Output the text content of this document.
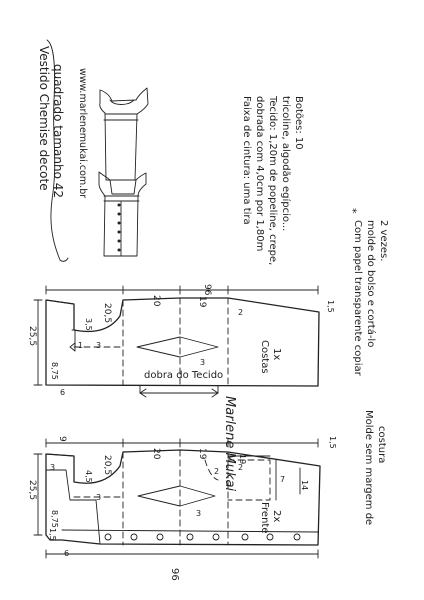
Vestido Chemise decote quadrado tamanho 42 www.marlenemukai.com.br	Faixa de cintura: uma tira dobrada com 4,0cm por 1,80m Tecido: 1,20m de popeline, crepe, tricoline, algodão egípcio... Botões: 10
*
Com papel transparente copiar molde do bolso e cortá-lo 2 vezes.
Marlene Mukai	Molde sem margem de costura
20,5
20
96
19	1,5
3,5
25,5
8,75
3
3
6
1
2
Costas 1x
dobra do Tecido
20,5
20	19
1,5
4,5
9
3
25,5
8,75
3
3
1,5
19
7
2
14
2
6
96
Frente 2x
